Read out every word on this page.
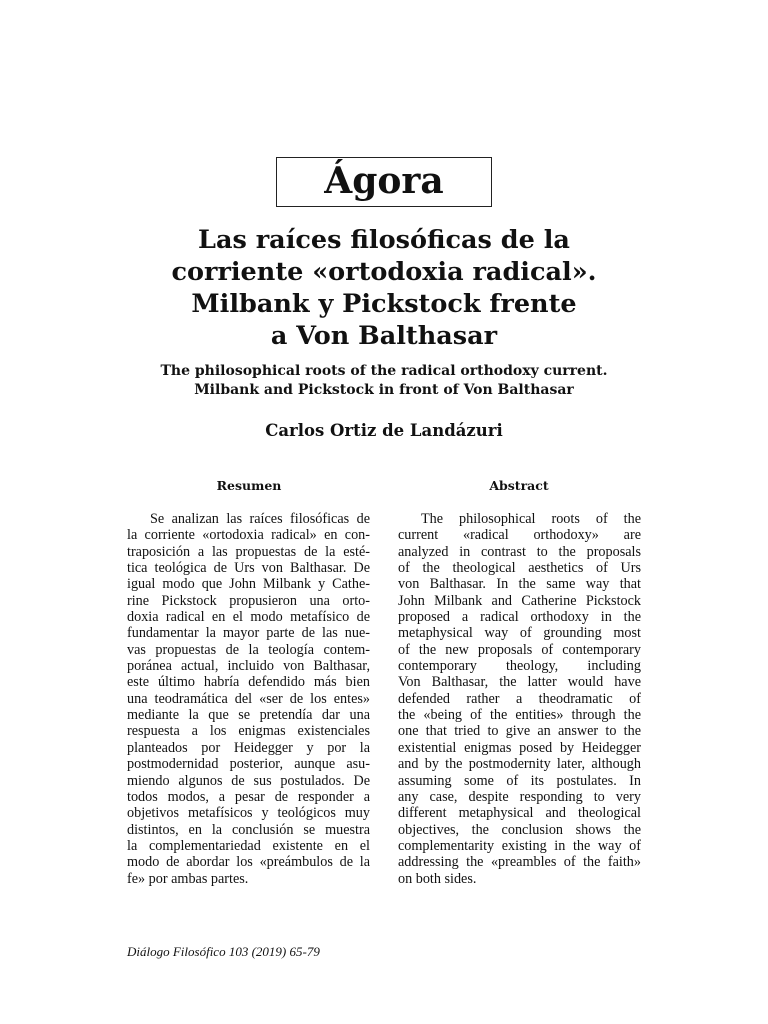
Ágora
Las raíces filosóficas de la
corriente «ortodoxia radical».
Milbank y Pickstock frente
a Von Balthasar
The philosophical roots of the radical orthodoxy current.
Milbank and Pickstock in front of Von Balthasar
Carlos Ortiz de Landázuri
Resumen	Abstract
Se analizan las raíces filosóficas de
la corriente «ortodoxia radical» en con-
traposición a las propuestas de la esté-
tica teológica de Urs von Balthasar. De
igual modo que John Milbank y Cathe-
rine Pickstock propusieron una orto-
doxia radical en el modo metafísico de
fundamentar la mayor parte de las nue-
vas propuestas de la teología contem-
poránea actual, incluido von Balthasar,
este último habría defendido más bien
una teodramática del «ser de los entes»
mediante la que se pretendía dar una
respuesta a los enigmas existenciales
planteados por Heidegger y por la
postmodernidad posterior, aunque asu-
miendo algunos de sus postulados. De
todos modos, a pesar de responder a
objetivos metafísicos y teológicos muy
distintos, en la conclusión se muestra
la complementariedad existente en el
modo de abordar los «preámbulos de la
fe» por ambas partes.
The philosophical roots of the
current «radical orthodoxy» are
analyzed in contrast to the proposals
of the theological aesthetics of Urs
von Balthasar. In the same way that
John Milbank and Catherine Pickstock
proposed a radical orthodoxy in the
metaphysical way of grounding most
of the new proposals of contemporary
contemporary theology, including
Von Balthasar, the latter would have
defended rather a theodramatic of
the «being of the entities» through the
one that tried to give an answer to the
existential enigmas posed by Heidegger
and by the postmodernity later, although
assuming some of its postulates. In
any case, despite responding to very
different metaphysical and theological
objectives, the conclusion shows the
complementarity existing in the way of
addressing the «preambles of the faith»
on both sides.
Diálogo Filosófico 103 (2019) 65-79
